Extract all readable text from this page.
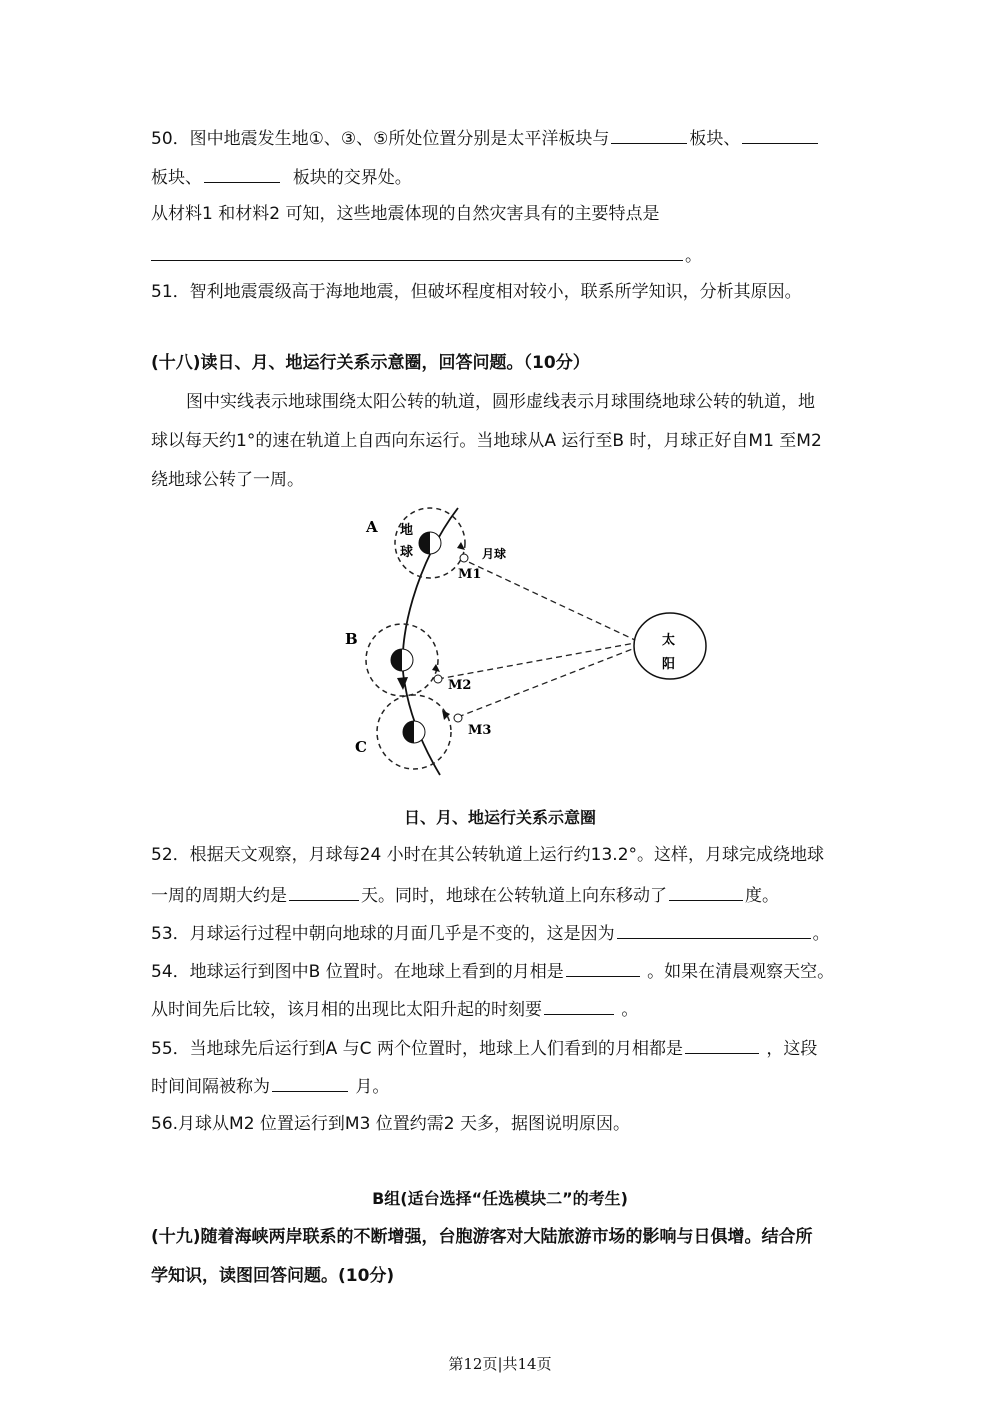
50．图中地震发生地①、③、⑤所处位置分别是太平洋板块与	板块、
板块、	板块的交界处。
从材料1 和材料2 可知，这些地震体现的自然灾害具有的主要特点是
。
51．智利地震震级高于海地地震，但破坏程度相对较小，联系所学知识，分析其原因。
(十八)读日、月、地运行关系示意圈，回答问题。（10分）
图中实线表示地球围绕太阳公转的轨道，圆形虚线表示月球围绕地球公转的轨道，地
球以每天约1°的速在轨道上自西向东运行。当地球从A 运行至B 时，月球正好自M1 至M2
绕地球公转了一周。
A 地
球	月球
M1
B
M2
C
M3
太
阳
日、月、地运行关系示意圈
52．根据天文观察，月球每24 小时在其公转轨道上运行约13.2°。这样，月球完成绕地球
一周的周期大约是	天。同时，地球在公转轨道上向东移动了	度。
53．月球运行过程中朝向地球的月面几乎是不变的，这是因为	。
54．地球运行到图中B 位置时。在地球上看到的月相是	。如果在清晨观察天空。
从时间先后比较，该月相的出现比太阳升起的时刻要	。
55．当地球先后运行到A 与C 两个位置时，地球上人们看到的月相都是	，这段
时间间隔被称为	月。
56.月球从M2 位置运行到M3 位置约需2 天多，据图说明原因。
B组(适台选择“任选模块二”的考生)
(十九)随着海峡两岸联系的不断增强，台胞游客对大陆旅游市场的影响与日俱增。结合所
学知识，读图回答问题。(10分)
第12页|共14页
